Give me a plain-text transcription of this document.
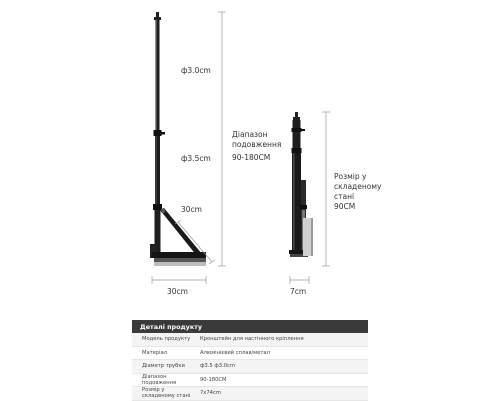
ф3.0cm
ф3.5cm
30cm
30cm	7cm
Діапазон подовження
90-180CM
Розмір у складеному стані
90CM
Деталі продукту	
Модель продукту	Кронштейн для настінного кріплення
Матеріал	Алюмінієвий сплав/метал
Діаметр трубки	ф3.5 ф3.0cm
Діапазон подовження	90-180CM
Розмір у складеному стані	7x74cm
